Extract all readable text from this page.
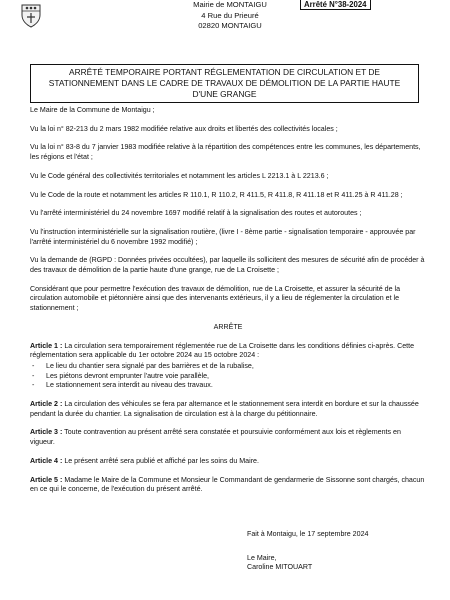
Mairie de MONTAIGU
4 Rue du Prieuré
02820 MONTAIGU
Arrêté N°38-2024
ARRÊTÉ TEMPORAIRE PORTANT RÉGLEMENTATION DE CIRCULATION ET DE STATIONNEMENT DANS LE CADRE DE TRAVAUX DE DÉMOLITION DE LA PARTIE HAUTE D'UNE GRANGE

Le Maire de la Commune de Montaigu ;

Vu la loi n° 82-213 du 2 mars 1982 modifiée relative aux droits et libertés des collectivités locales ;

Vu la loi n° 83-8 du 7 janvier 1983 modifiée relative à la répartition des compétences entre les communes, les départements, les régions et l'état ;

Vu le Code général des collectivités territoriales et notamment les articles L 2213.1 à L 2213.6 ;

Vu le Code de la route et notamment les articles R 110.1, R 110.2, R 411.5, R 411.8, R 411.18 et R 411.25 à R 411.28 ;

Vu l'arrêté interministériel du 24 novembre 1697 modifié relatif à la signalisation des routes et autoroutes ;

Vu l'instruction interministérielle sur la signalisation routière, (livre I - 8ème partie - signalisation temporaire - approuvée par l'arrêté interministériel du 6 novembre 1992 modifié) ;

Vu la demande de (RGPD : Données privées occultées), par laquelle ils sollicitent des mesures de sécurité afin de procéder à des travaux de démolition de la partie haute d'une grange, rue de La Croisette ;

Considérant que pour permettre l'exécution des travaux de démolition, rue de La Croisette, et assurer la sécurité de la circulation automobile et piétonnière ainsi que des intervenants extérieurs, il y a lieu de réglementer la circulation et le stationnement ;

ARRÊTE

Article 1 : La circulation sera temporairement réglementée rue de La Croisette dans les conditions définies ci-après. Cette réglementation sera applicable du 1er octobre 2024 au 15 octobre 2024 :

- Le lieu du chantier sera signalé par des barrières et de la rubalise,
- Les piétons devront emprunter l'autre voie parallèle,
- Le stationnement sera interdit au niveau des travaux.

Article 2 : La circulation des véhicules se fera par alternance et le stationnement sera interdit en bordure et sur la chaussée pendant la durée du chantier. La signalisation de circulation est à la charge du pétitionnaire.

Article 3 : Toute contravention au présent arrêté sera constatée et poursuivie conformément aux lois et règlements en vigueur.

Article 4 : Le présent arrêté sera publié et affiché par les soins du Maire.

Article 5 : Madame le Maire de la Commune et Monsieur le Commandant de gendarmerie de Sissonne sont chargés, chacun en ce qui le concerne, de l'exécution du présent arrêté.

Fait à Montaigu, le 17 septembre 2024
Le Maire,
Caroline MITOUART
